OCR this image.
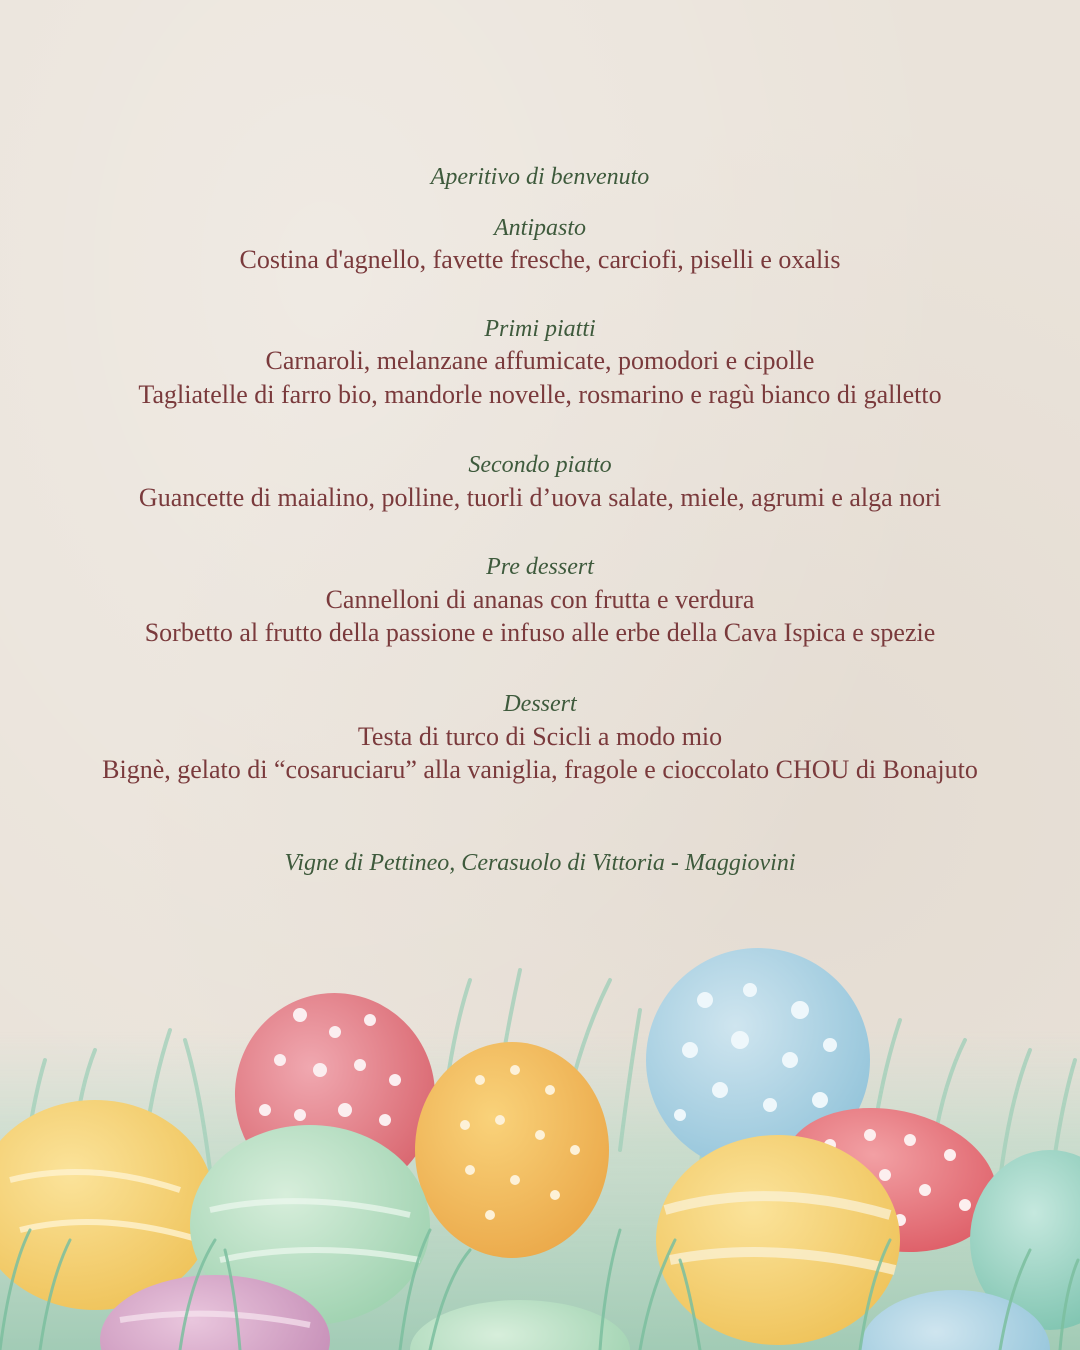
Aperitivo di benvenuto
Antipasto
Costina d'agnello, favette fresche, carciofi, piselli e oxalis
Primi piatti
Carnaroli, melanzane affumicate, pomodori e cipolle
Tagliatelle di farro bio, mandorle novelle, rosmarino e ragù bianco di galletto
Secondo piatto
Guancette di maialino, polline, tuorli d’uova salate, miele, agrumi e alga nori
Pre dessert
Cannelloni di ananas con frutta e verdura
Sorbetto al frutto della passione e infuso alle erbe della Cava Ispica e spezie
Dessert
Testa di turco di Scicli a modo mio
Bignè, gelato di “cosaruciaru” alla vaniglia, fragole e cioccolato CHOU di Bonajuto
Vigne di Pettineo, Cerasuolo di Vittoria - Maggiovini
